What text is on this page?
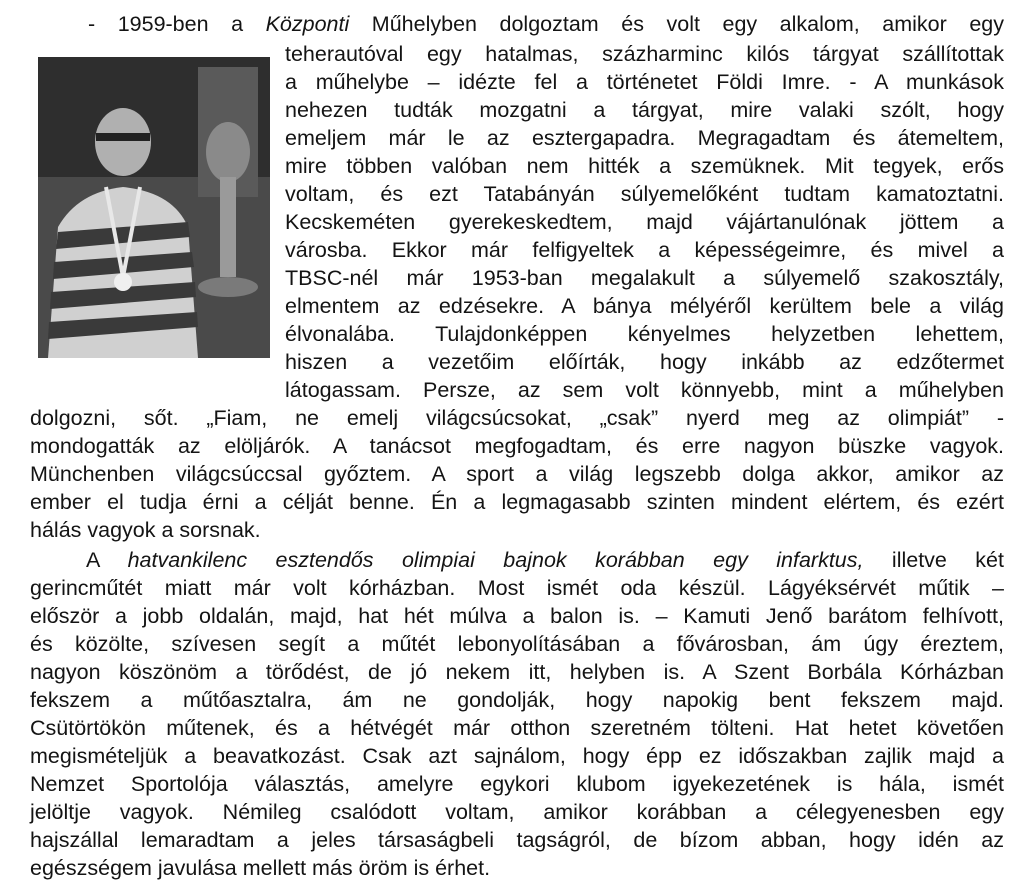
- 1959-ben a Központi Műhelyben dolgoztam és volt egy alkalom, amikor egy
teherautóval egy hatalmas, százharminc kilós tárgyat szállítottak
a műhelybe – idézte fel a történetet Földi Imre. - A munkások
nehezen tudták mozgatni a tárgyat, mire valaki szólt, hogy
emeljem már le az esztergapadra. Megragadtam és átemeltem,
mire többen valóban nem hitték a szemüknek. Mit tegyek, erős
voltam, és ezt Tatabányán súlyemelőként tudtam kamatoztatni.
Kecskeméten gyerekeskedtem, majd vájártanulónak jöttem a
városba. Ekkor már felfigyeltek a képességeimre, és mivel a
TBSC-nél már 1953-ban megalakult a súlyemelő szakosztály,
elmentem az edzésekre. A bánya mélyéről kerültem bele a világ
élvonalába. Tulajdonképpen kényelmes helyzetben lehettem,
hiszen a vezetőim előírták, hogy inkább az edzőtermet
látogassam. Persze, az sem volt könnyebb, mint a műhelyben
dolgozni, sőt. „Fiam, ne emelj világcsúcsokat, „csak” nyerd meg az olimpiát” -
mondogatták az elöljárók. A tanácsot megfogadtam, és erre nagyon büszke vagyok.
Münchenben világcsúccsal győztem. A sport a világ legszebb dolga akkor, amikor az
ember el tudja érni a célját benne. Én a legmagasabb szinten mindent elértem, és ezért
hálás vagyok a sorsnak.
A hatvankilenc esztendős olimpiai bajnok korábban egy infarktus, illetve két
gerincműtét miatt már volt kórházban. Most ismét oda készül. Lágyéksérvét műtik –
először a jobb oldalán, majd, hat hét múlva a balon is. – Kamuti Jenő barátom felhívott,
és közölte, szívesen segít a műtét lebonyolításában a fővárosban, ám úgy éreztem,
nagyon köszönöm a törődést, de jó nekem itt, helyben is. A Szent Borbála Kórházban
fekszem a műtőasztalra, ám ne gondolják, hogy napokig bent fekszem majd.
Csütörtökön műtenek, és a hétvégét már otthon szeretném tölteni. Hat hetet követően
megismételjük a beavatkozást. Csak azt sajnálom, hogy épp ez időszakban zajlik majd a
Nemzet Sportolója választás, amelyre egykori klubom igyekezetének is hála, ismét
jelöltje vagyok. Némileg csalódott voltam, amikor korábban a célegyenesben egy
hajszállal lemaradtam a jeles társaságbeli tagságról, de bízom abban, hogy idén az
egészségem javulása mellett más öröm is érhet.
